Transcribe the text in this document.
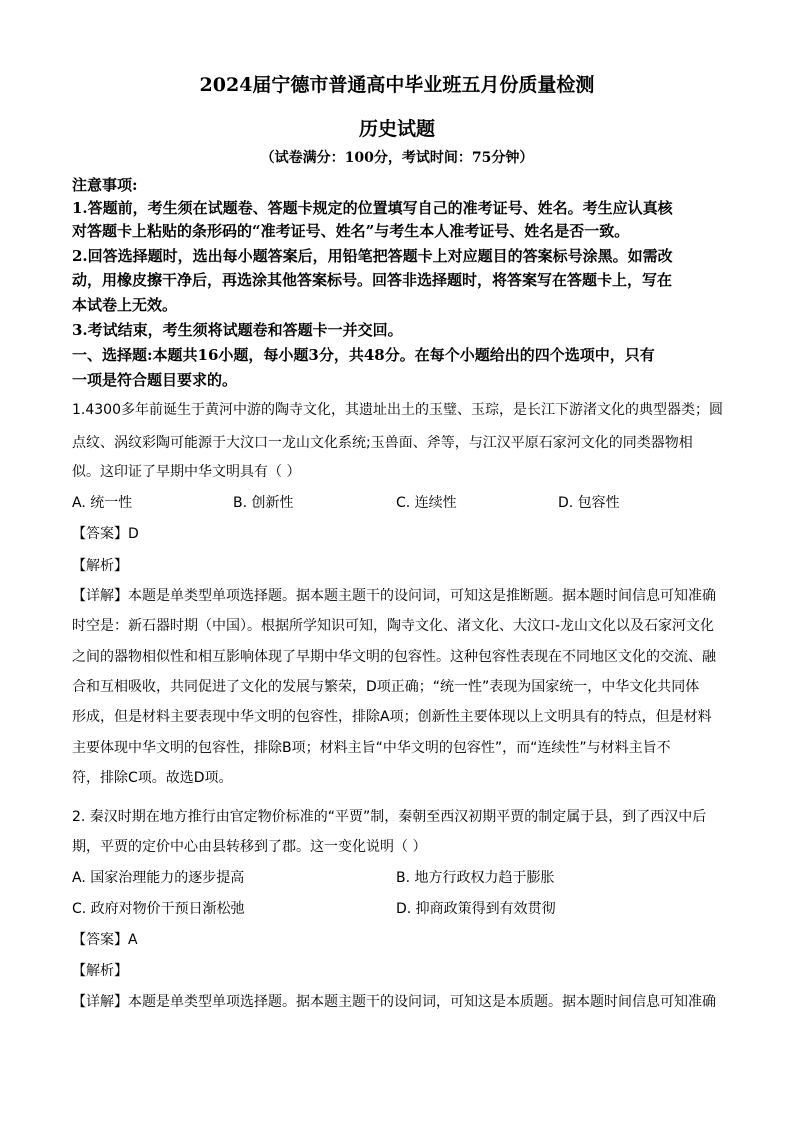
2024届宁德市普通高中毕业班五月份质量检测
历史试题
（试卷满分：100分，考试时间：75分钟）
注意事项:
1.答题前，考生须在试题卷、答题卡规定的位置填写自己的准考证号、姓名。考生应认真核
对答题卡上粘贴的条形码的“准考证号、姓名”与考生本人准考证号、姓名是否一致。
2.回答选择题时，选出每小题答案后，用铅笔把答题卡上对应题目的答案标号涂黑。如需改
动，用橡皮擦干净后，再选涂其他答案标号。回答非选择题时，将答案写在答题卡上，写在
本试卷上无效。
3.考试结束，考生须将试题卷和答题卡一并交回。
一、选择题:本题共16小题，每小题3分，共48分。在每个小题给出的四个选项中，只有
一项是符合题目要求的。
1.4300多年前诞生于黄河中游的陶寺文化，其遗址出土的玉璧、玉琮，是长江下游渚文化的典型器类；圆
点纹、涡纹彩陶可能源于大汶口一龙山文化系统;玉兽面、斧等，与江汉平原石家河文化的同类器物相
似。这印证了早期中华文明具有（ ）
A. 统一性	B. 创新性	C. 连续性	D. 包容性
【答案】D
【解析】
【详解】本题是单类型单项选择题。据本题主题干的设问词，可知这是推断题。据本题时间信息可知准确
时空是：新石器时期（中国）。根据所学知识可知，陶寺文化、渚文化、大汶口-龙山文化以及石家河文化
之间的器物相似性和相互影响体现了早期中华文明的包容性。这种包容性表现在不同地区文化的交流、融
合和互相吸收，共同促进了文化的发展与繁荣，D项正确；“统一性”表现为国家统一，中华文化共同体
形成，但是材料主要表现中华文明的包容性，排除A项；创新性主要体现以上文明具有的特点，但是材料
主要体现中华文明的包容性，排除B项；材料主旨“中华文明的包容性”，而“连续性”与材料主旨不
符，排除C项。故选D项。
2. 秦汉时期在地方推行由官定物价标准的“平贾”制，秦朝至西汉初期平贾的制定属于县，到了西汉中后
期，平贾的定价中心由县转移到了郡。这一变化说明（ ）
A. 国家治理能力的逐步提高	B. 地方行政权力趋于膨胀
C. 政府对物价干预日渐松弛	D. 抑商政策得到有效贯彻
【答案】A
【解析】
【详解】本题是单类型单项选择题。据本题主题干的设问词，可知这是本质题。据本题时间信息可知准确
